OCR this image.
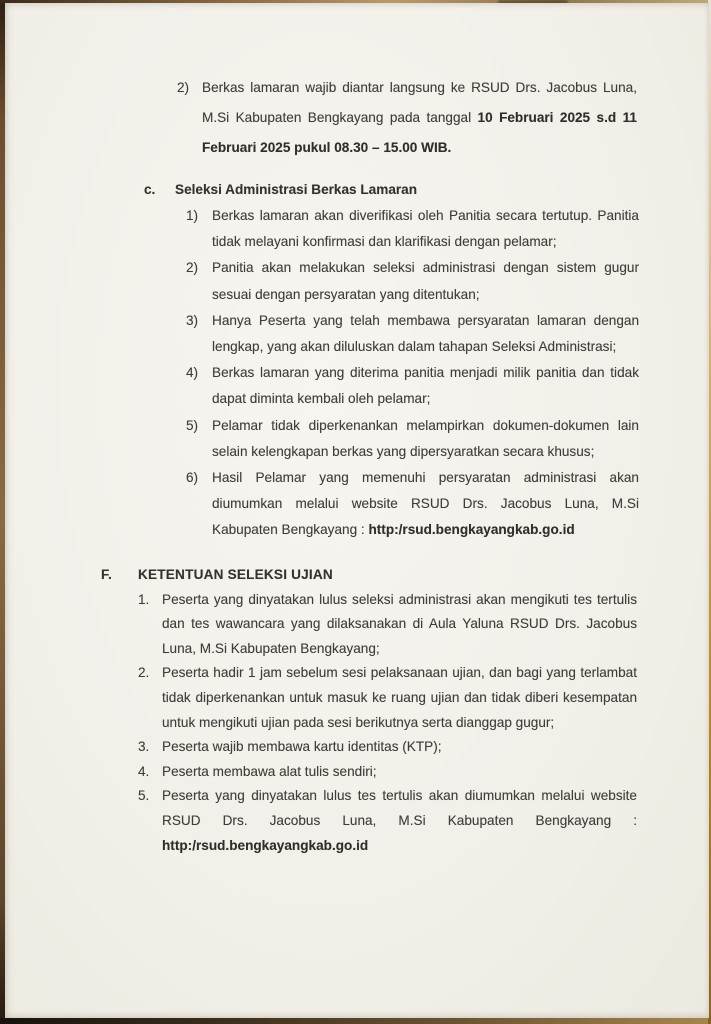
2) Berkas lamaran wajib diantar langsung ke RSUD Drs. Jacobus Luna, M.Si Kabupaten Bengkayang pada tanggal 10 Februari 2025 s.d 11 Februari 2025 pukul 08.30 – 15.00 WIB.
c.	Seleksi Administrasi Berkas Lamaran
1)	Berkas lamaran akan diverifikasi oleh Panitia secara tertutup. Panitia tidak melayani konfirmasi dan klarifikasi dengan pelamar;
2)	Panitia akan melakukan seleksi administrasi dengan sistem gugur sesuai dengan persyaratan yang ditentukan;
3)	Hanya Peserta yang telah membawa persyaratan lamaran dengan lengkap, yang akan diluluskan dalam tahapan Seleksi Administrasi;
4)	Berkas lamaran yang diterima panitia menjadi milik panitia dan tidak dapat diminta kembali oleh pelamar;
5)	Pelamar tidak diperkenankan melampirkan dokumen-dokumen lain selain kelengkapan berkas yang dipersyaratkan secara khusus;
6)	Hasil Pelamar yang memenuhi persyaratan administrasi akan diumumkan melalui website RSUD Drs. Jacobus Luna, M.Si Kabupaten Bengkayang : http:/rsud.bengkayangkab.go.id
F.	KETENTUAN SELEKSI UJIAN
1. Peserta yang dinyatakan lulus seleksi administrasi akan mengikuti tes tertulis dan tes wawancara yang dilaksanakan di Aula Yaluna RSUD Drs. Jacobus Luna, M.Si Kabupaten Bengkayang;
2. Peserta hadir 1 jam sebelum sesi pelaksanaan ujian, dan bagi yang terlambat tidak diperkenankan untuk masuk ke ruang ujian dan tidak diberi kesempatan untuk mengikuti ujian pada sesi berikutnya serta dianggap gugur;
3. Peserta wajib membawa kartu identitas (KTP);
4. Peserta membawa alat tulis sendiri;
5. Peserta yang dinyatakan lulus tes tertulis akan diumumkan melalui website RSUD Drs. Jacobus Luna, M.Si Kabupaten Bengkayang : http:/rsud.bengkayangkab.go.id
